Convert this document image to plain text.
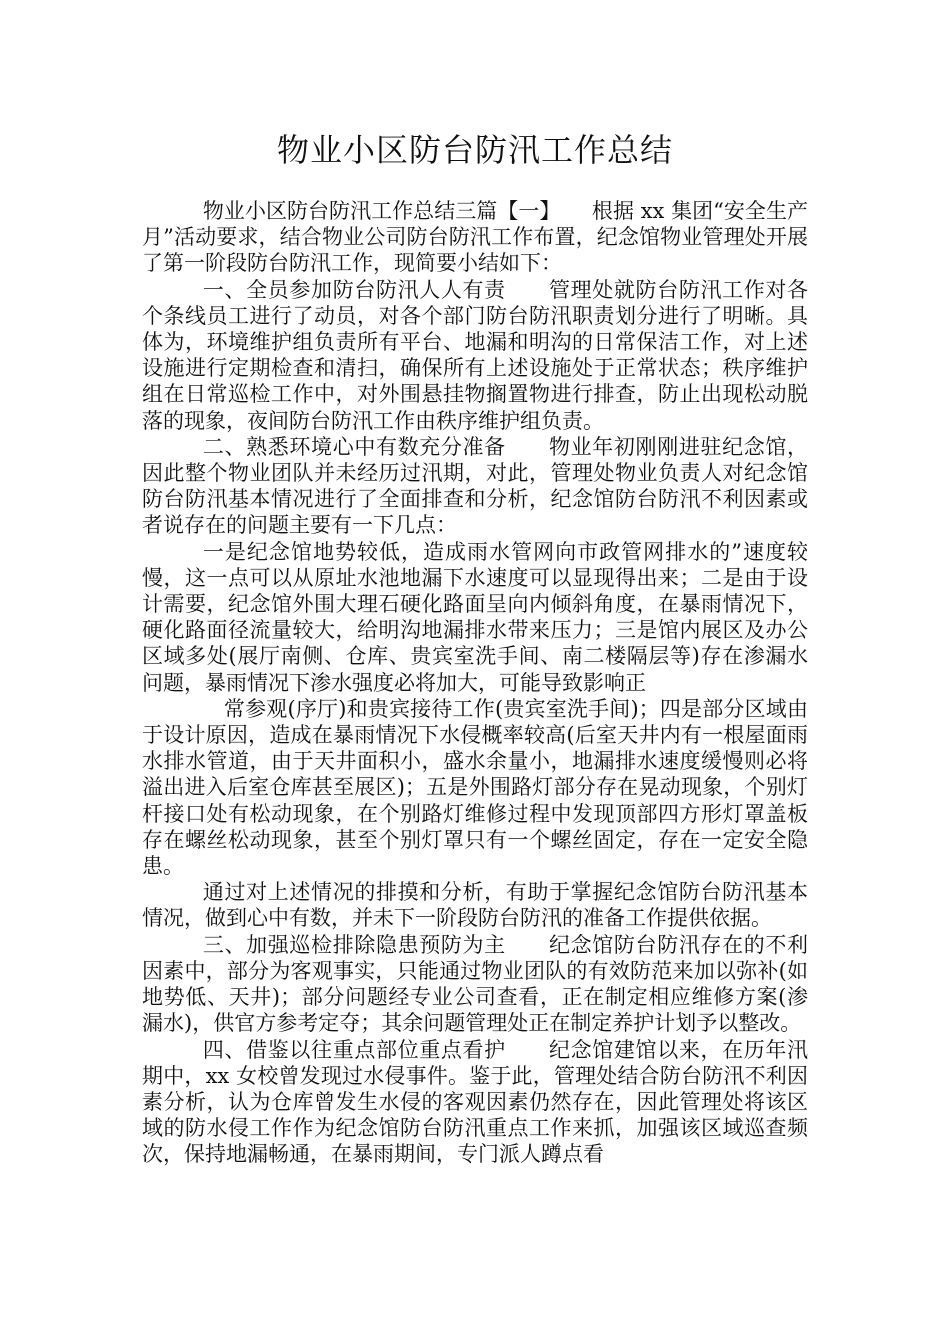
物业小区防台防汛工作总结

物业小区防台防汛工作总结三篇【一】　　根据 xx 集团“安全生产月”活动要求，结合物业公司防台防汛工作布置，纪念馆物业管理处开展了第一阶段防台防汛工作，现简要小结如下：

一、全员参加防台防汛人人有责　　管理处就防台防汛工作对各个条线员工进行了动员，对各个部门防台防汛职责划分进行了明晰。具体为，环境维护组负责所有平台、地漏和明沟的日常保洁工作，对上述设施进行定期检查和清扫，确保所有上述设施处于正常状态；秩序维护组在日常巡检工作中，对外围悬挂物搁置物进行排查，防止出现松动脱落的现象，夜间防台防汛工作由秩序维护组负责。

二、熟悉环境心中有数充分准备　　物业年初刚刚进驻纪念馆，因此整个物业团队并未经历过汛期，对此，管理处物业负责人对纪念馆防台防汛基本情况进行了全面排查和分析，纪念馆防台防汛不利因素或者说存在的问题主要有一下几点：

一是纪念馆地势较低，造成雨水管网向市政管网排水的”速度较慢，这一点可以从原址水池地漏下水速度可以显现得出来；二是由于设计需要，纪念馆外围大理石硬化路面呈向内倾斜角度，在暴雨情况下，硬化路面径流量较大，给明沟地漏排水带来压力；三是馆内展区及办公区域多处(展厅南侧、仓库、贵宾室洗手间、南二楼隔层等)存在渗漏水问题，暴雨情况下渗水强度必将加大，可能导致影响正

常参观(序厅)和贵宾接待工作(贵宾室洗手间)；四是部分区域由于设计原因，造成在暴雨情况下水侵概率较高(后室天井内有一根屋面雨水排水管道，由于天井面积小，盛水余量小，地漏排水速度缓慢则必将溢出进入后室仓库甚至展区)；五是外围路灯部分存在晃动现象，个别灯杆接口处有松动现象，在个别路灯维修过程中发现顶部四方形灯罩盖板存在螺丝松动现象，甚至个别灯罩只有一个螺丝固定，存在一定安全隐患。

通过对上述情况的排摸和分析，有助于掌握纪念馆防台防汛基本情况，做到心中有数，并未下一阶段防台防汛的准备工作提供依据。

三、加强巡检排除隐患预防为主　　纪念馆防台防汛存在的不利因素中，部分为客观事实，只能通过物业团队的有效防范来加以弥补(如地势低、天井)；部分问题经专业公司查看，正在制定相应维修方案(渗漏水)，供官方参考定夺；其余问题管理处正在制定养护计划予以整改。

四、借鉴以往重点部位重点看护　　纪念馆建馆以来，在历年汛期中，xx 女校曾发现过水侵事件。鉴于此，管理处结合防台防汛不利因素分析，认为仓库曾发生水侵的客观因素仍然存在，因此管理处将该区域的防水侵工作作为纪念馆防台防汛重点工作来抓，加强该区域巡查频次，保持地漏畅通，在暴雨期间，专门派人蹲点看
